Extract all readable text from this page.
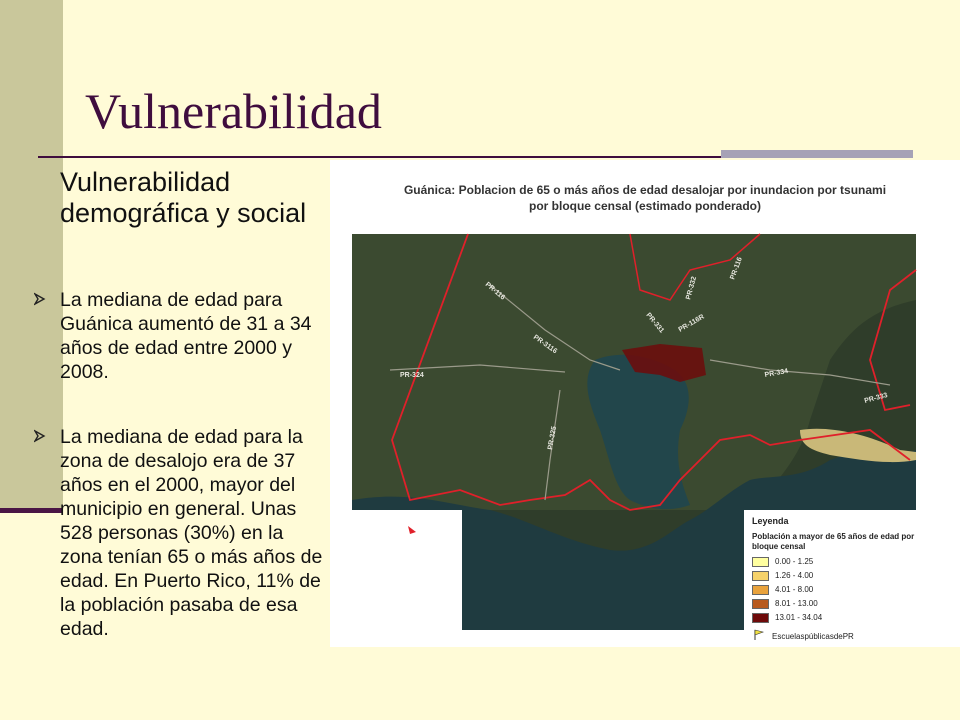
Vulnerabilidad
Vulnerabilidad demográfica y social
La mediana de edad para Guánica aumentó de 31 a 34 años de edad entre 2000 y 2008.
La mediana de edad para la zona de desalojo era de 37 años en el 2000, mayor del municipio en general. Unas 528 personas (30%) en la zona tenían 65 o más años de edad. En Puerto Rico, 11% de la población pasaba de esa edad.
PR-116
PR-3116
PR-324
PR-325
PR-331
PR-332
PR-116R
PR-116
PR-334
PR-333
Guánica: Poblacion de 65 o más años de edad desalojar por inundacion por tsunami
por bloque censal (estimado ponderado)
Leyenda
Población a mayor de 65 años de edad por bloque censal
0.00 - 1.25
1.26 - 4.00
4.01 - 8.00
8.01 - 13.00
13.01 - 34.04
EscuelaspúblicasdePR
